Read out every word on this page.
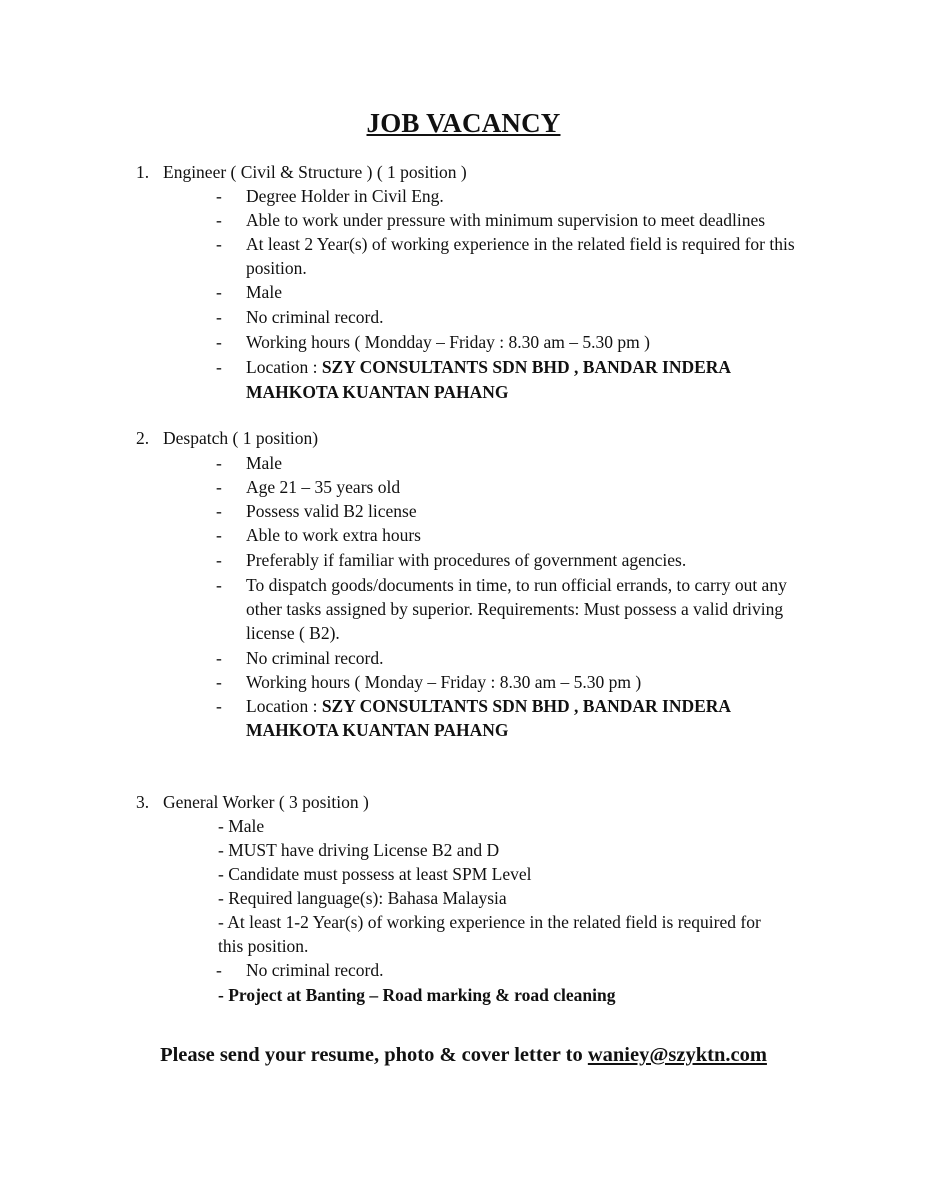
JOB VACANCY
1. Engineer ( Civil & Structure ) ( 1 position )
- Degree Holder in Civil Eng.
- Able to work under pressure with minimum supervision to meet deadlines
- At least 2 Year(s) of working experience in the related field is required for this
position.
- Male
- No criminal record.
- Working hours ( Mondday – Friday : 8.30 am – 5.30 pm )
- Location : SZY CONSULTANTS SDN BHD , BANDAR INDERA
MAHKOTA KUANTAN PAHANG
2. Despatch ( 1 position)
- Male
- Age 21 – 35 years old
- Possess valid B2 license
- Able to work extra hours
- Preferably if familiar with procedures of government agencies.
- To dispatch goods/documents in time, to run official errands, to carry out any
other tasks assigned by superior. Requirements: Must possess a valid driving
license ( B2).
- No criminal record.
- Working hours ( Monday – Friday : 8.30 am – 5.30 pm )
- Location : SZY CONSULTANTS SDN BHD , BANDAR INDERA
MAHKOTA KUANTAN PAHANG
3. General Worker ( 3 position )
- Male
- MUST have driving License B2 and D
- Candidate must possess at least SPM Level
- Required language(s): Bahasa Malaysia
- At least 1-2 Year(s) of working experience in the related field is required for
this position.
- No criminal record.
- Project at Banting – Road marking & road cleaning
Please send your resume, photo & cover letter to waniey@szyktn.com
